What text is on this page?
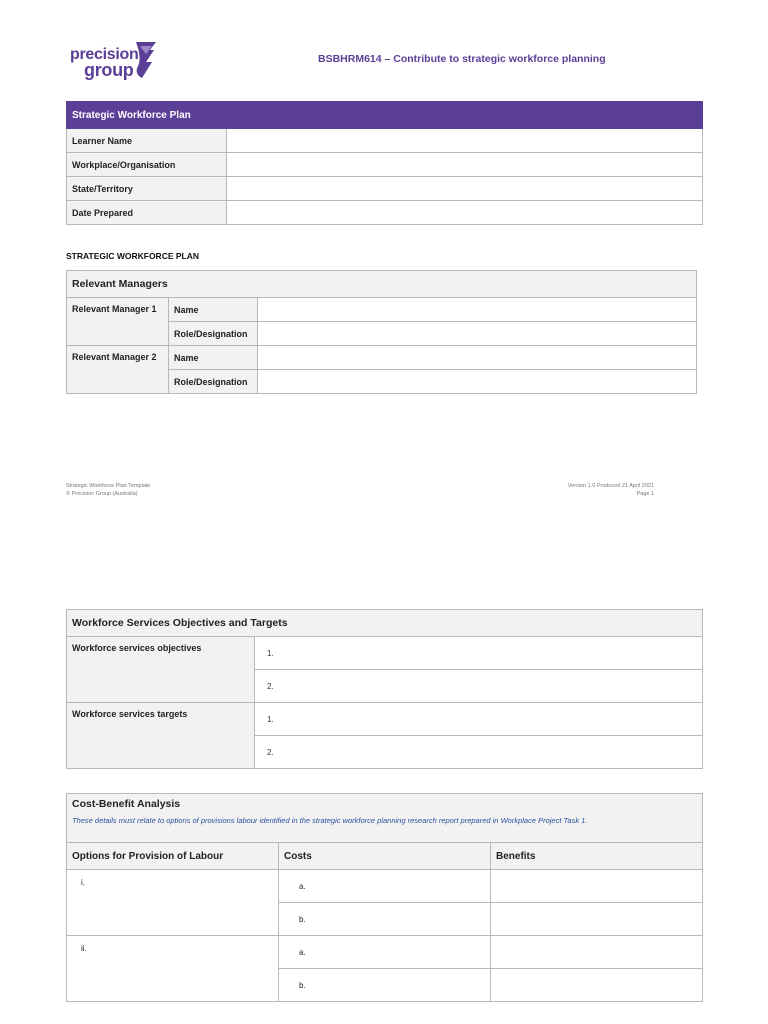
precision
group
BSBHRM614 – Contribute to strategic workforce planning
Strategic Workforce Plan	
Learner Name	
Workplace/Organisation	
State/Territory	
Date Prepared	
STRATEGIC WORKFORCE PLAN
Relevant Managers		
Relevant Manager 1	Name	
	Role/Designation	
Relevant Manager 2	Name	
	Role/Designation	
Strategic Workforce Plan Template
© Precision Group (Australia)
Version 1.0 Produced 21 April 2021
Page 1
Workforce Services Objectives and Targets	
Workforce services objectives	1.
	2.
Workforce services targets	1.
	2.
Cost-Benefit Analysis
These details must relate to options of provisions labour identified in the strategic workforce planning research report prepared in Workplace Project Task 1.		

Options for Provision of Labour	Costs	Benefits
i.	a.	
	b.	
ii.	a.	
	b.	
